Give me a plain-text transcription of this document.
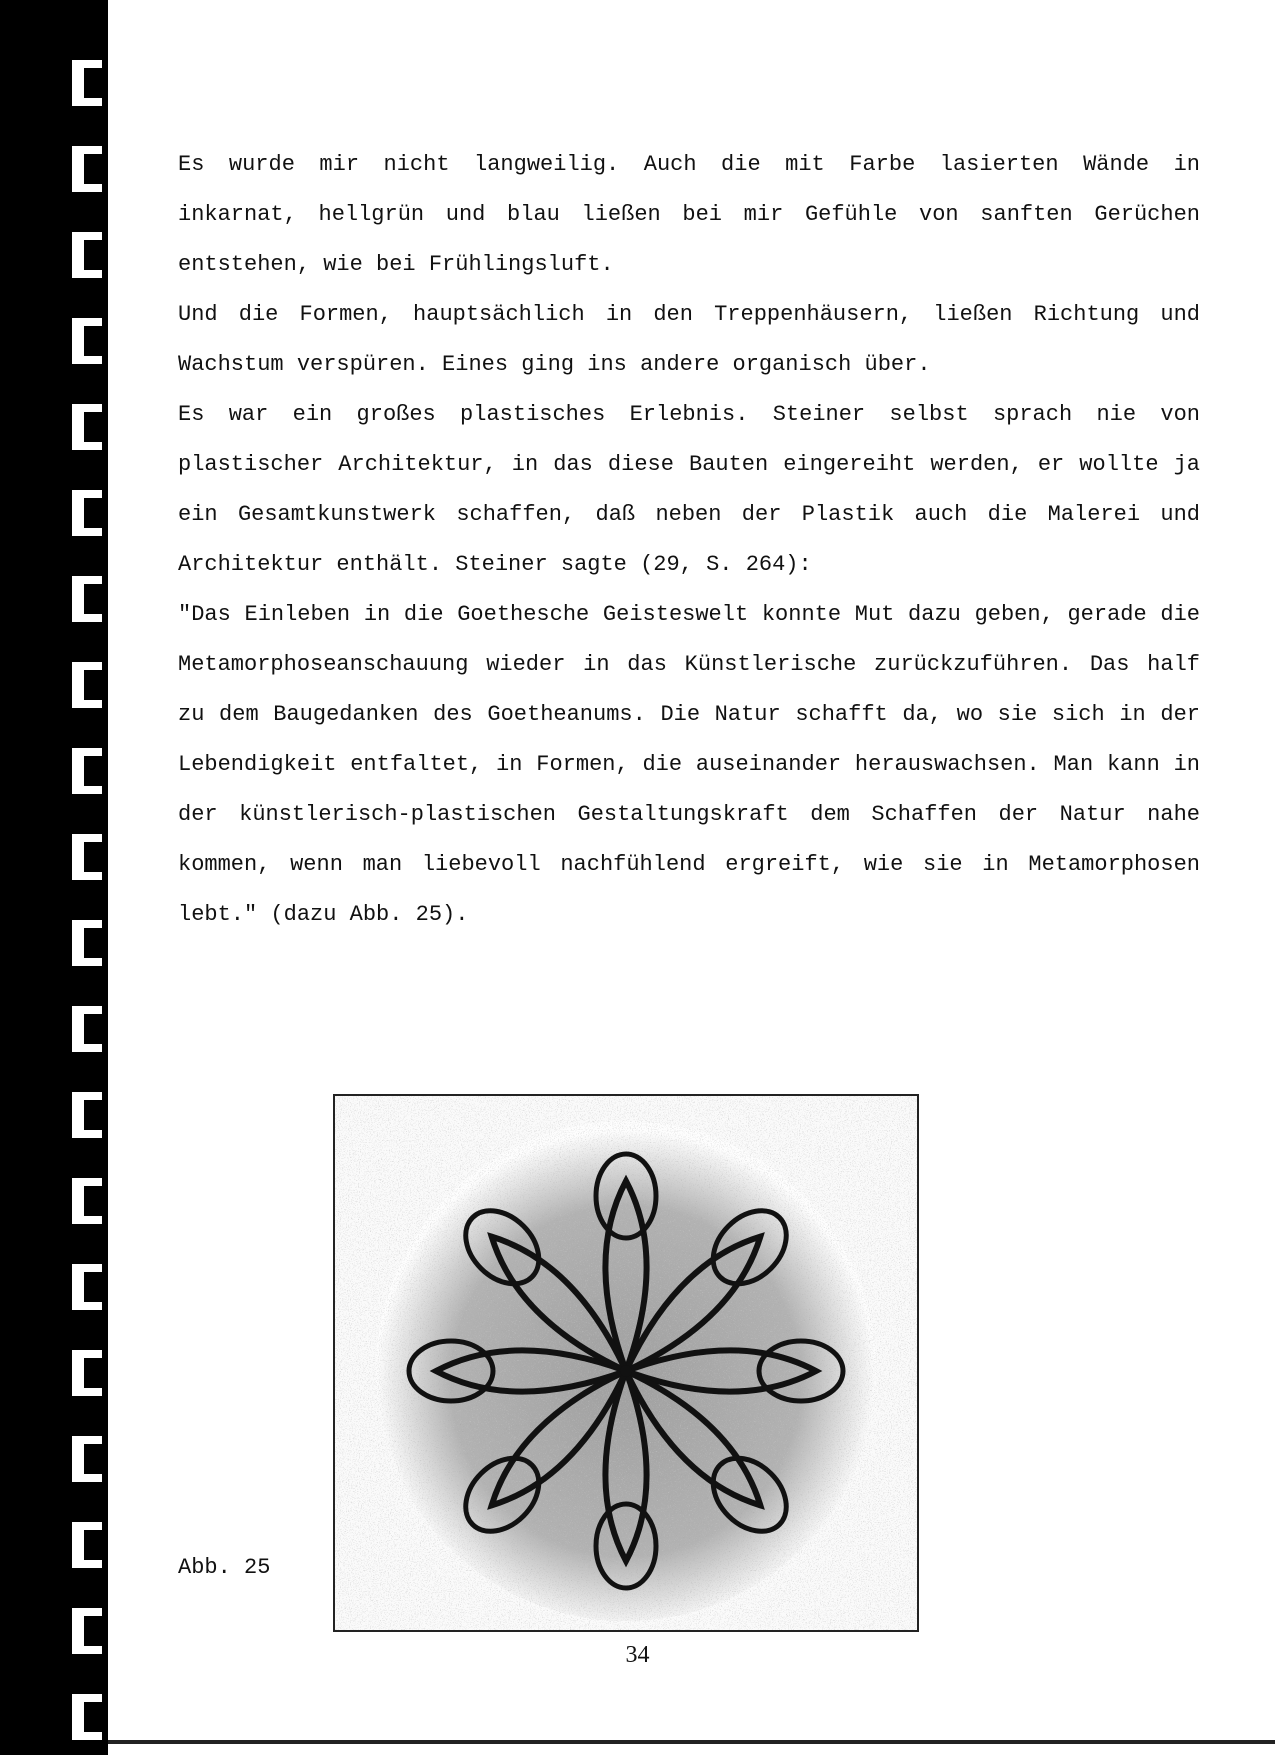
Es wurde mir nicht langweilig. Auch die mit Farbe lasierten Wände in inkarnat, hellgrün und blau ließen bei mir Gefühle von sanften Gerüchen entstehen, wie bei Frühlingsluft.

Und die Formen, hauptsächlich in den Treppenhäusern, ließen Richtung und Wachstum verspüren. Eines ging ins andere organisch über.

Es war ein großes plastisches Erlebnis. Steiner selbst sprach nie von plastischer Architektur, in das diese Bauten eingereiht werden, er wollte ja ein Gesamtkunstwerk schaffen, daß neben der Plastik auch die Malerei und Architektur enthält. Steiner sagte (29, S. 264):

"Das Einleben in die Goethesche Geisteswelt konnte Mut dazu geben, gerade die Metamorphoseanschauung wieder in das Künstlerische zurückzuführen. Das half zu dem Baugedanken des Goetheanums. Die Natur schafft da, wo sie sich in der Lebendigkeit entfaltet, in Formen, die auseinander herauswachsen. Man kann in der künstlerisch-plastischen Gestaltungskraft dem Schaffen der Natur nahe kommen, wenn man liebevoll nachfühlend ergreift, wie sie in Metamorphosen lebt." (dazu Abb. 25).

Abb. 25
34
